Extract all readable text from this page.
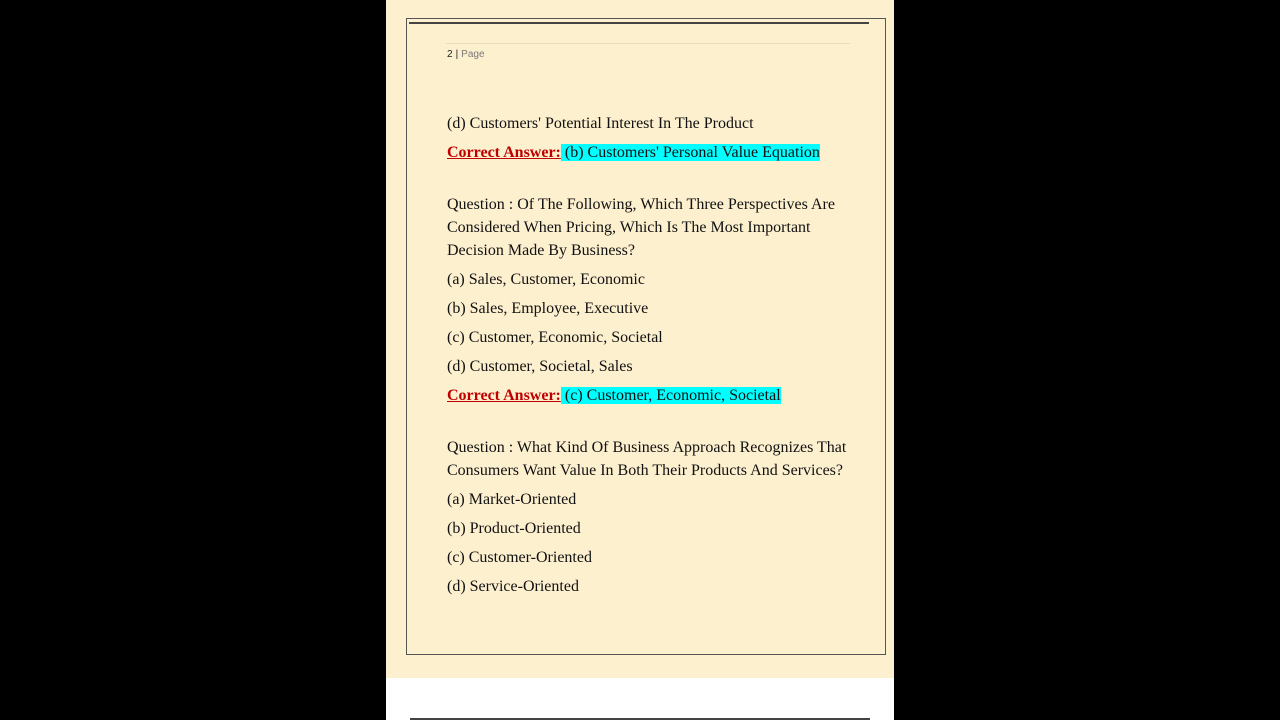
2 | Page

(d) Customers' Potential Interest In The Product

Correct Answer: (b) Customers' Personal Value Equation

Question : Of The Following, Which Three Perspectives Are Considered When Pricing, Which Is The Most Important Decision Made By Business?

(a) Sales, Customer, Economic

(b) Sales, Employee, Executive

(c) Customer, Economic, Societal

(d) Customer, Societal, Sales

Correct Answer: (c) Customer, Economic, Societal

Question : What Kind Of Business Approach Recognizes That Consumers Want Value In Both Their Products And Services?

(a) Market-Oriented

(b) Product-Oriented

(c) Customer-Oriented

(d) Service-Oriented
